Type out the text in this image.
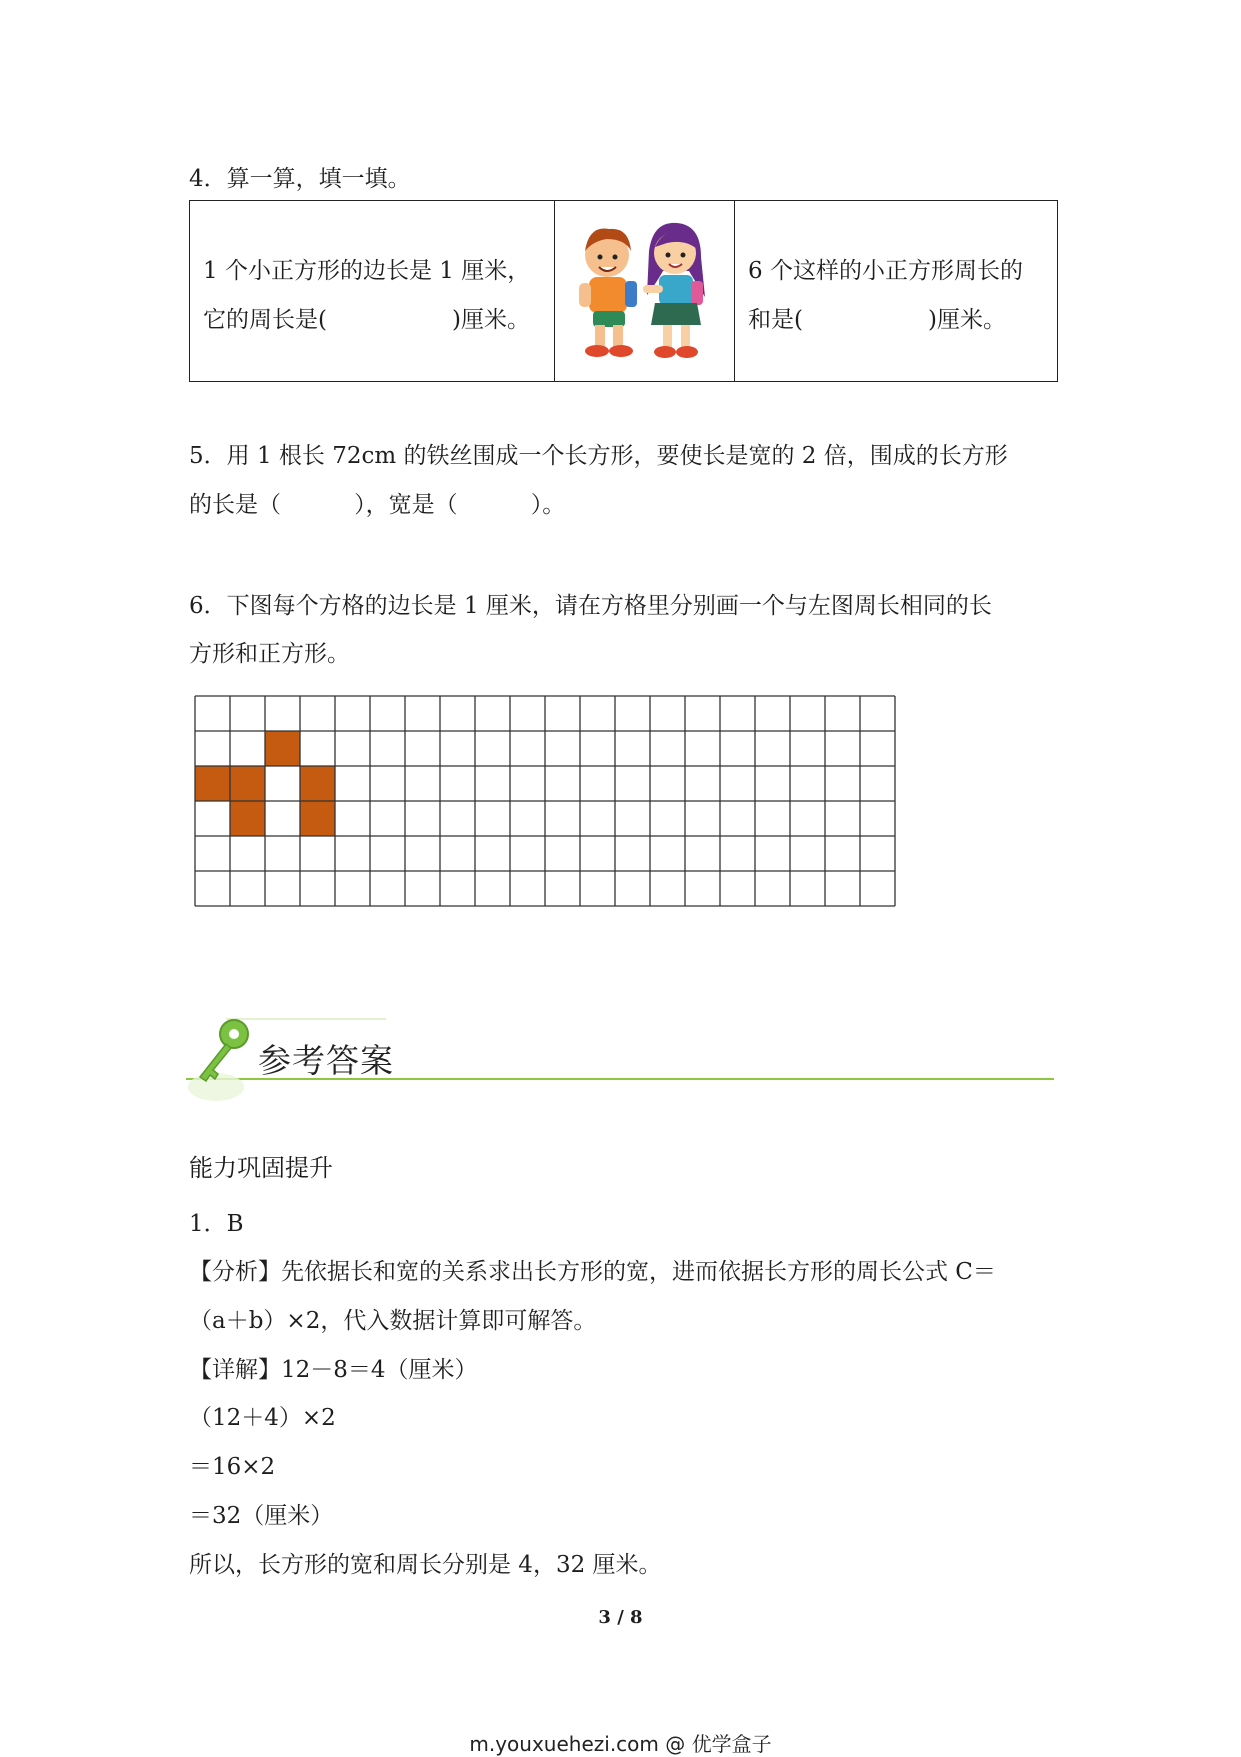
4．算一算，填一填。
1 个小正方形的边长是 1 厘米，
它的周长是(	)厘米。
6 个这样的小正方形周长的
和是(	)厘米。
5．用 1 根长 72cm 的铁丝围成一个长方形，要使长是宽的 2 倍，围成的长方形
的长是（          ），宽是（          ）。
6．下图每个方格的边长是 1 厘米，请在方格里分别画一个与左图周长相同的长
方形和正方形。
参考答案
能力巩固提升
1．B
【分析】先依据长和宽的关系求出长方形的宽，进而依据长方形的周长公式 C＝
（a＋b）×2，代入数据计算即可解答。
【详解】12－8＝4（厘米）
（12＋4）×2
＝16×2
＝32（厘米）
所以，长方形的宽和周长分别是 4，32 厘米。
3 / 8
m.youxuehezi.com @ 优学盒子
